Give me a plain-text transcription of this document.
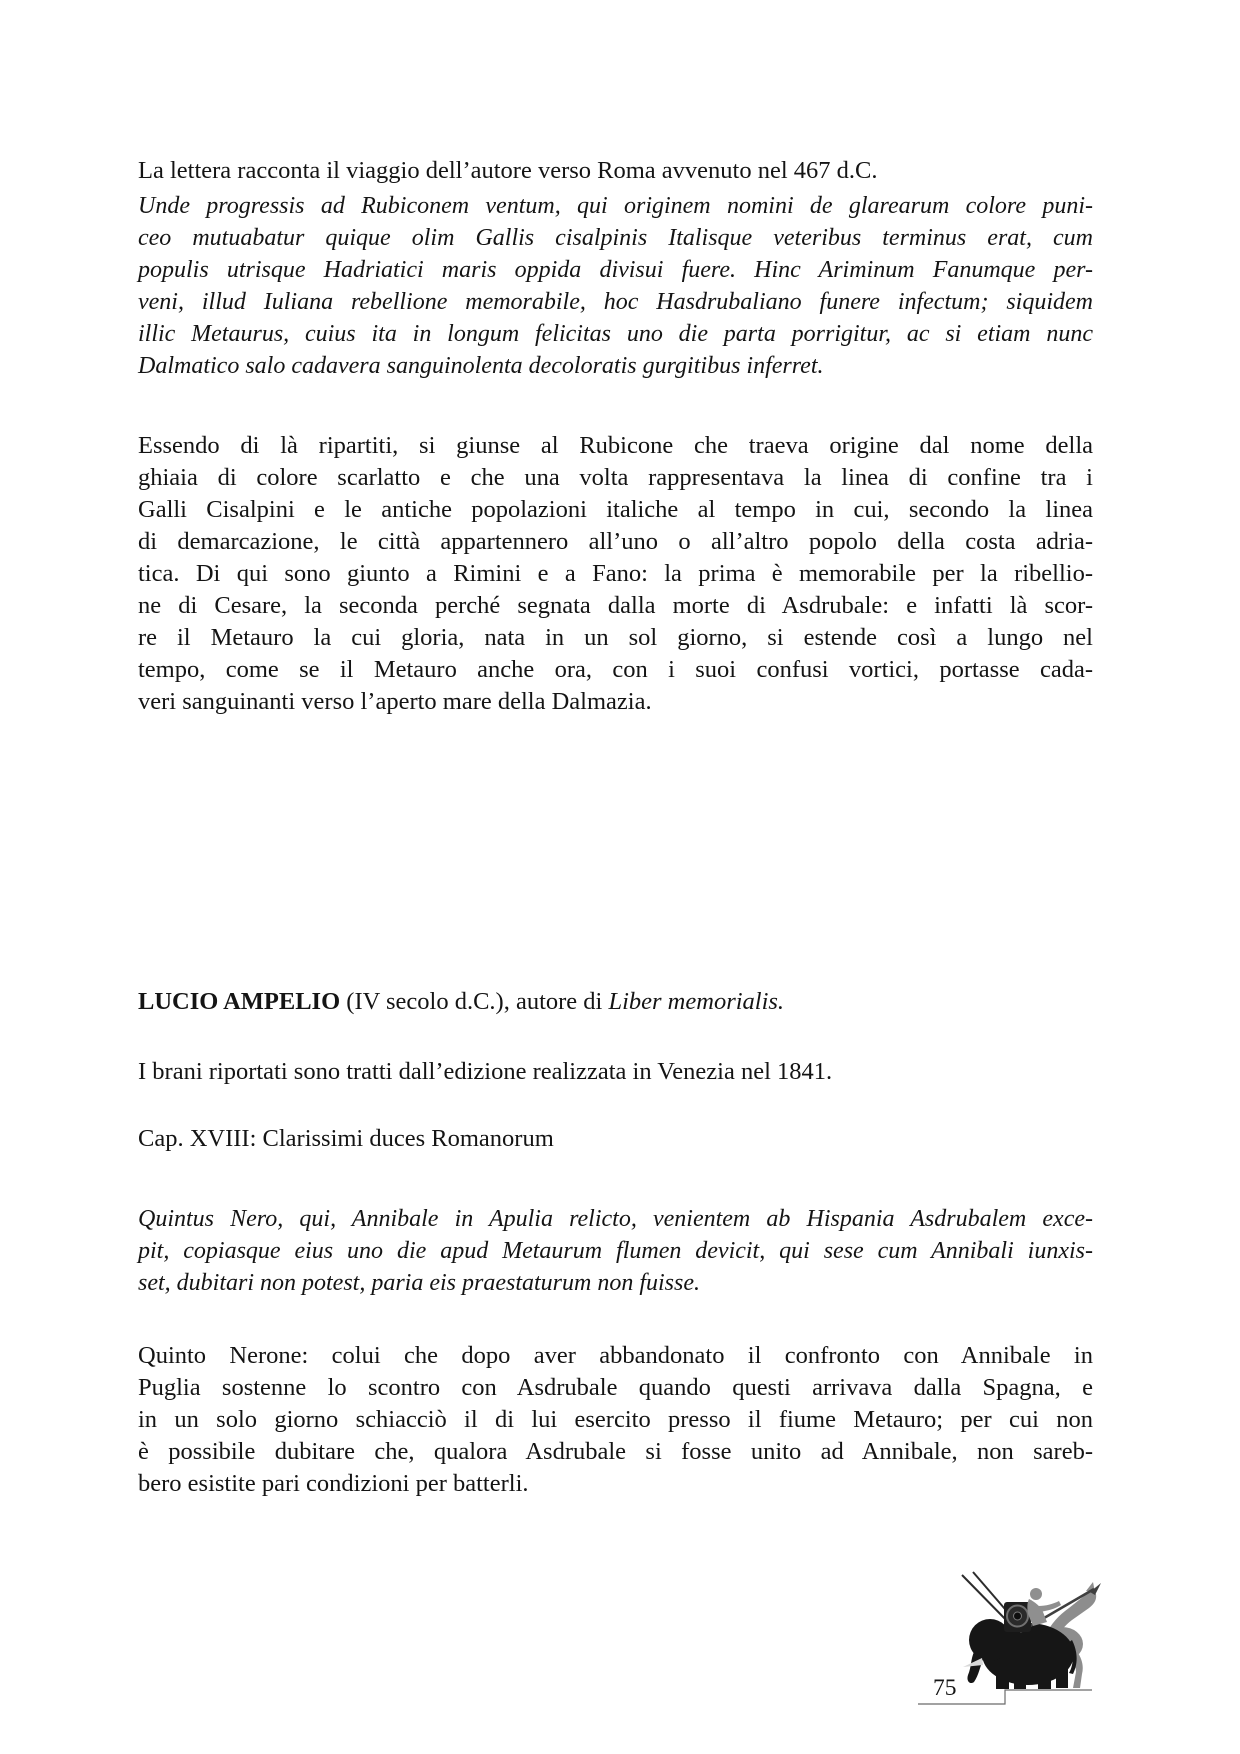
La lettera racconta il viaggio dell’autore verso Roma avvenuto nel 467 d.C.
Unde progressis ad Rubiconem ventum, qui originem nomini de glarearum colore puni-
ceo mutuabatur quique olim Gallis cisalpinis Italisque veteribus terminus erat, cum
populis utrisque Hadriatici maris oppida divisui fuere. Hinc Ariminum Fanumque per-
veni, illud Iuliana rebellione memorabile, hoc Hasdrubaliano funere infectum; siquidem
illic Metaurus, cuius ita in longum felicitas uno die parta porrigitur, ac si etiam nunc
Dalmatico salo cadavera sanguinolenta decoloratis gurgitibus inferret.
Essendo di là ripartiti, si giunse al Rubicone che traeva origine dal nome della
ghiaia di colore scarlatto e che una volta rappresentava la linea di confine tra i
Galli Cisalpini e le antiche popolazioni italiche al tempo in cui, secondo la linea
di demarcazione, le città appartennero all’uno o all’altro popolo della costa adria-
tica. Di qui sono giunto a Rimini e a Fano: la prima è memorabile per la ribellio-
ne di Cesare, la seconda perché segnata dalla morte di Asdrubale: e infatti là scor-
re il Metauro la cui gloria, nata in un sol giorno, si estende così a lungo nel
tempo, come se il Metauro anche ora, con i suoi confusi vortici, portasse cada-
veri sanguinanti verso l’aperto mare della Dalmazia.
LUCIO AMPELIO (IV secolo d.C.), autore di Liber memorialis.
I brani riportati sono tratti dall’edizione realizzata in Venezia nel 1841.
Cap. XVIII: Clarissimi duces Romanorum
Quintus Nero, qui, Annibale in Apulia relicto, venientem ab Hispania Asdrubalem exce-
pit, copiasque eius uno die apud Metaurum flumen devicit, qui sese cum Annibali iunxis-
set, dubitari non potest, paria eis praestaturum non fuisse.
Quinto Nerone: colui che dopo aver abbandonato il confronto con Annibale in
Puglia sostenne lo scontro con Asdrubale quando questi arrivava dalla Spagna, e
in un solo giorno schiacciò il di lui esercito presso il fiume Metauro; per cui non
è possibile dubitare che, qualora Asdrubale si fosse unito ad Annibale, non sareb-
bero esistite pari condizioni per batterli.
75
